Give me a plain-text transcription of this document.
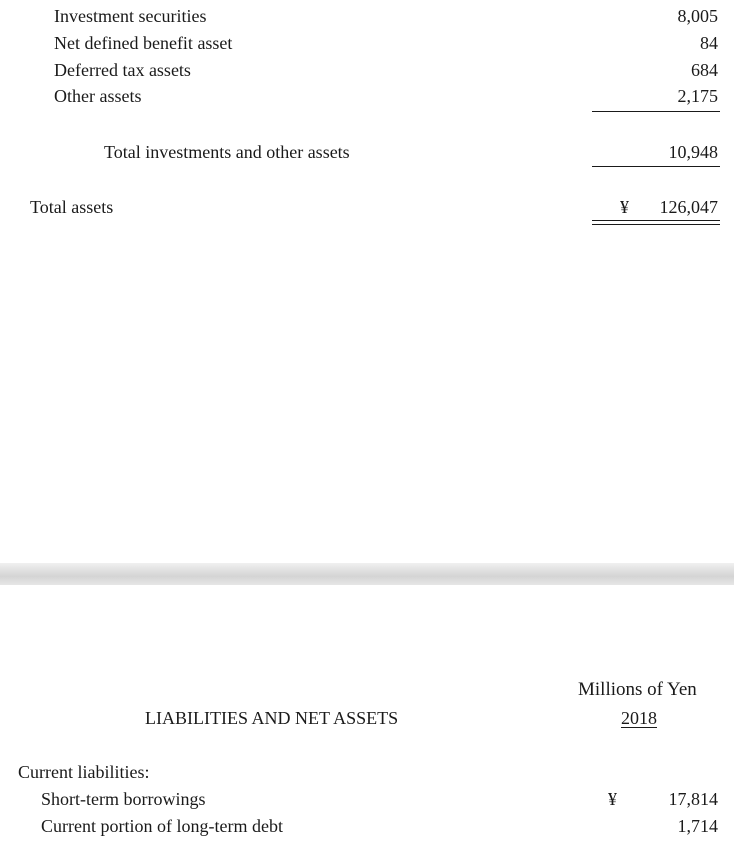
Investment securities	8,005
Net defined benefit asset	84
Deferred tax assets	684
Other assets	2,175
Total investments and other assets	10,948
Total assets	¥ 126,047
Millions of Yen
2018
LIABILITIES AND NET ASSETS
Current liabilities:
Short-term borrowings	¥	17,814
Current portion of long-term debt	1,714
